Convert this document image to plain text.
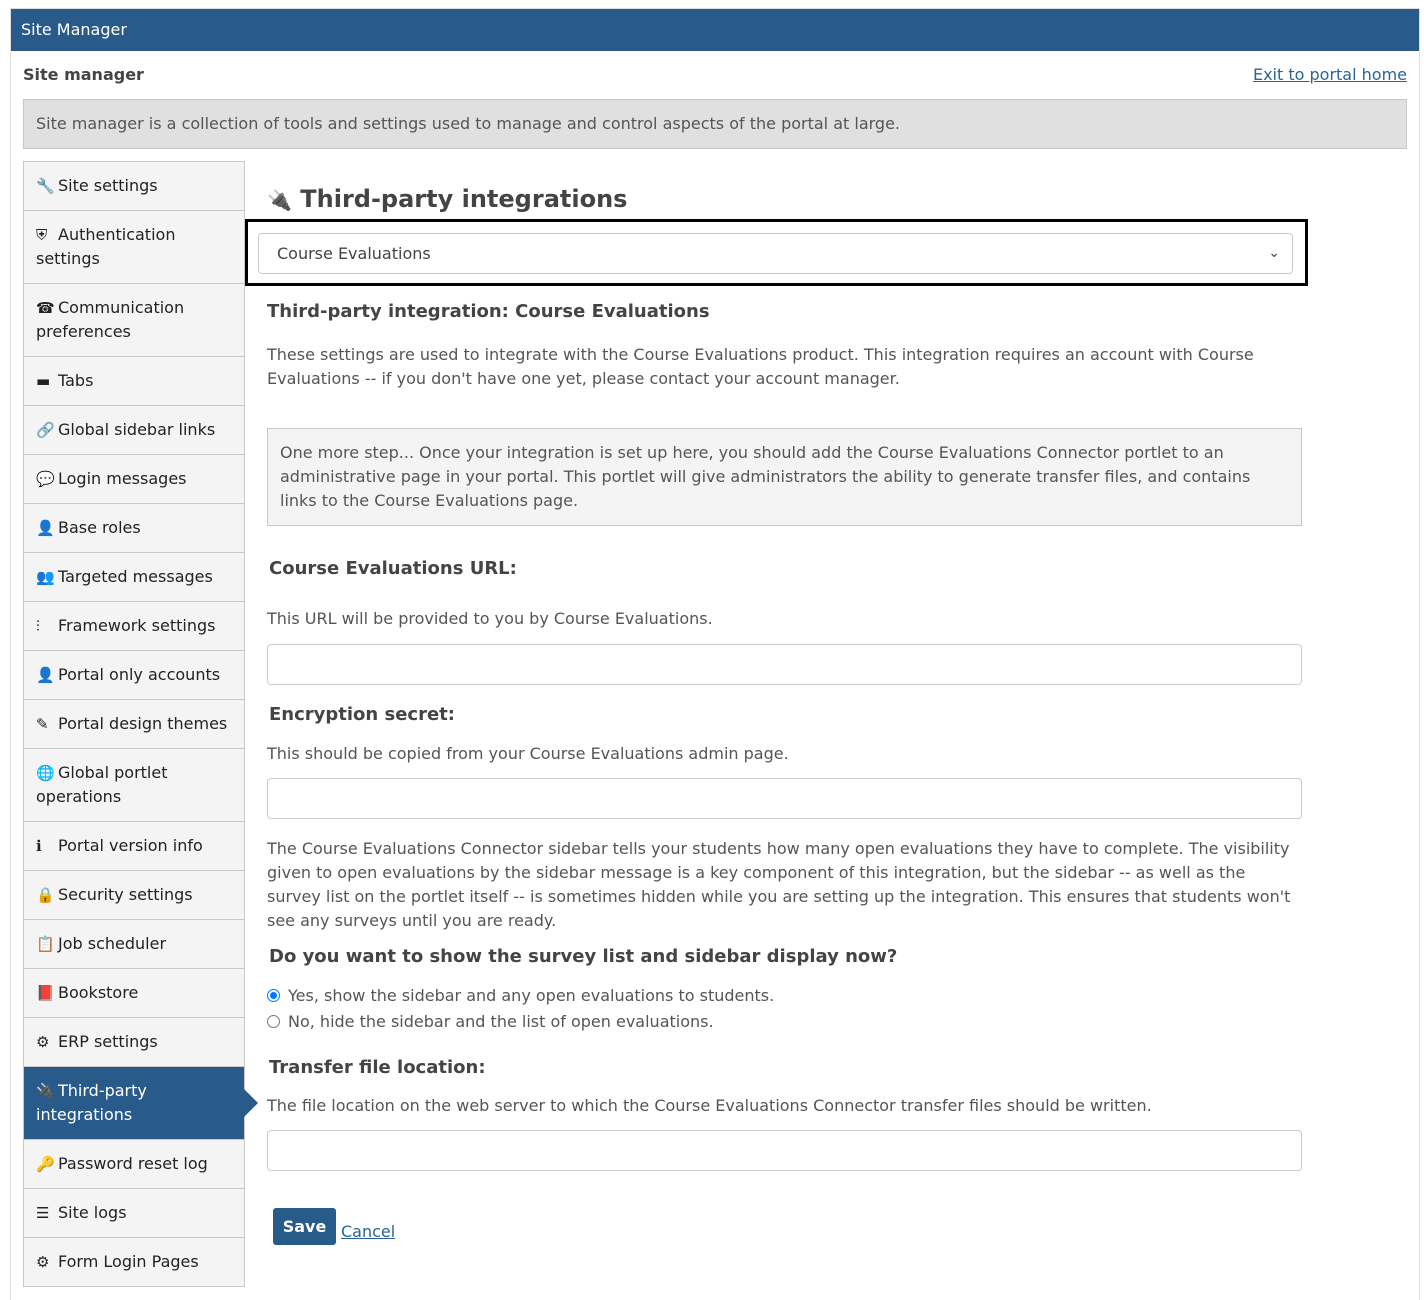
Site Manager
Site manager	Exit to portal home
Site manager is a collection of tools and settings used to manage and control aspects of the portal at large.
🔧 Site settings
⛨ Authentication settings
☎ Communication preferences
▬ Tabs
🔗 Global sidebar links
💬 Login messages
👤 Base roles
👥 Targeted messages
⫶ Framework settings
👤 Portal only accounts
✎ Portal design themes
🌐 Global portlet operations
ℹ Portal version info
🔒 Security settings
📋 Job scheduler
📕 Bookstore
⚙ ERP settings
🔌 Third-party integrations
🔑 Password reset log
☰ Site logs
⚙ Form Login Pages
🔌 Third-party integrations
Course Evaluations	⌄
Third-party integration: Course Evaluations
These settings are used to integrate with the Course Evaluations product. This integration requires an account with Course Evaluations -- if you don't have one yet, please contact your account manager.
One more step... Once your integration is set up here, you should add the Course Evaluations Connector portlet to an administrative page in your portal. This portlet will give administrators the ability to generate transfer files, and contains links to the Course Evaluations page.
Course Evaluations URL:
This URL will be provided to you by Course Evaluations.
Encryption secret:
This should be copied from your Course Evaluations admin page.
The Course Evaluations Connector sidebar tells your students how many open evaluations they have to complete. The visibility given to open evaluations by the sidebar message is a key component of this integration, but the sidebar -- as well as the survey list on the portlet itself -- is sometimes hidden while you are setting up the integration. This ensures that students won't see any surveys until you are ready.
Do you want to show the survey list and sidebar display now?
Yes, show the sidebar and any open evaluations to students.
No, hide the sidebar and the list of open evaluations.
Transfer file location:
The file location on the web server to which the Course Evaluations Connector transfer files should be written.
Save Cancel
